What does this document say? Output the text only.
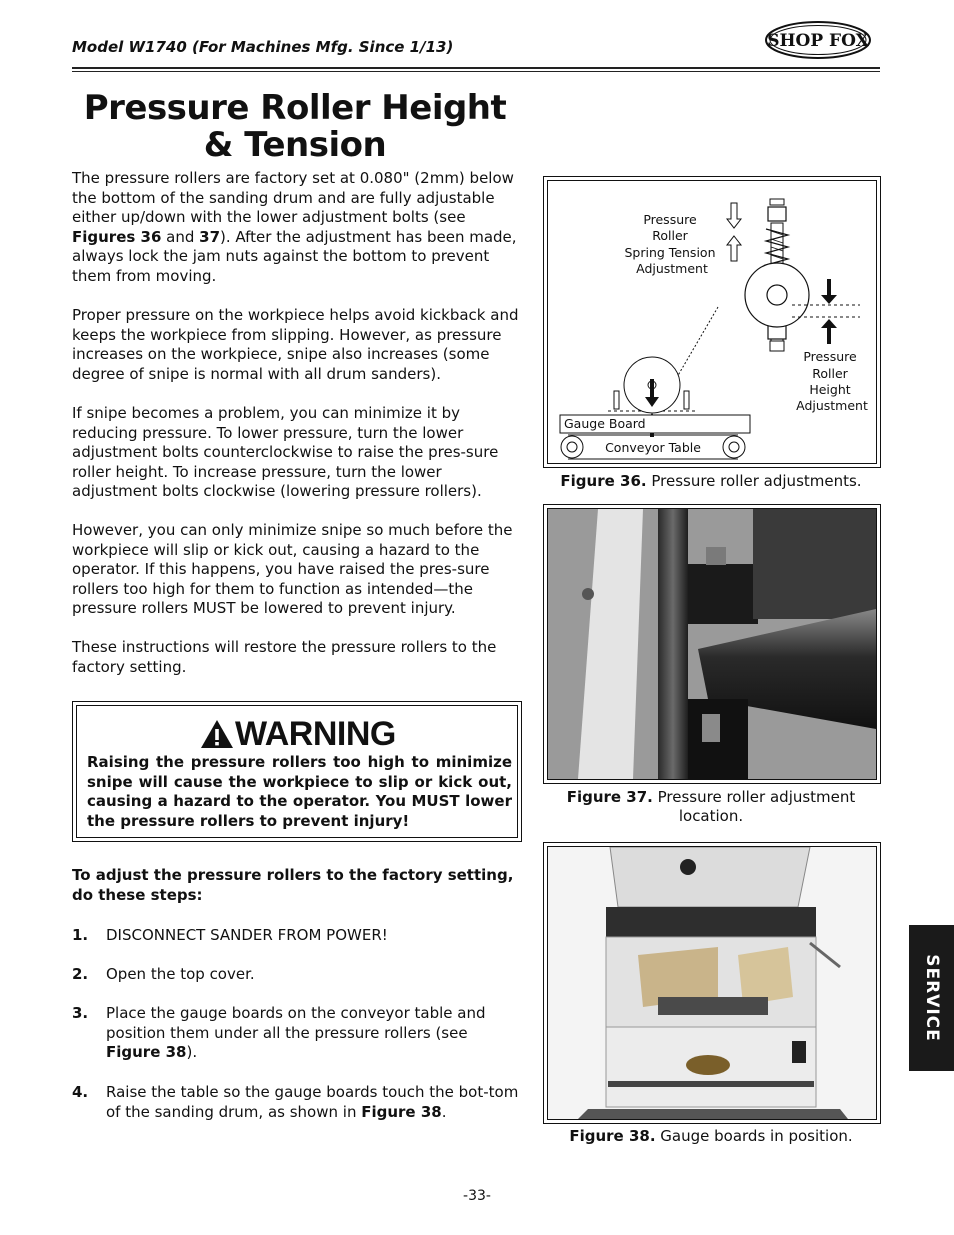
Model W1740 (For Machines Mfg. Since 1/13)	SHOP FOX
Pressure Roller Height & Tension
The pressure rollers are factory set at 0.080" (2mm) below the bottom of the sanding drum and are fully adjustable either up/down with the lower adjustment bolts (see Figures 36 and 37). After the adjustment has been made, always lock the jam nuts against the bottom to prevent them from moving.
Proper pressure on the workpiece helps avoid kickback and keeps the workpiece from slipping. However, as pressure increases on the workpiece, snipe also increases (some degree of snipe is normal with all drum sanders).
If snipe becomes a problem, you can minimize it by reducing pressure. To lower pressure, turn the lower adjustment bolts counterclockwise to raise the pres-sure roller height. To increase pressure, turn the lower adjustment bolts clockwise (lowering pressure rollers).
However, you can only minimize snipe so much before the workpiece will slip or kick out, causing a hazard to the operator. If this happens, you have raised the pres-sure rollers too high for them to function as intended—the pressure rollers MUST be lowered to prevent injury.
These instructions will restore the pressure rollers to the factory setting.
WARNING
Raising the pressure rollers too high to minimize snipe will cause the workpiece to slip or kick out, causing a hazard to the operator. You MUST lower the pressure rollers to prevent injury!
To adjust the pressure rollers to the factory setting, do these steps:
1. DISCONNECT SANDER FROM POWER!
2. Open the top cover.
3. Place the gauge boards on the conveyor table and position them under all the pressure rollers (see Figure 38).
4. Raise the table so the gauge boards touch the bot-tom of the sanding drum, as shown in Figure 38.
Gauge Board
Conveyor Table
Pressure Roller Spring Tension Adjustment
Pressure Roller Height Adjustment
Figure 36. Pressure roller adjustments.
Figure 37. Pressure roller adjustment
location.
Figure 38. Gauge boards in position.
-33-
SERVICE
